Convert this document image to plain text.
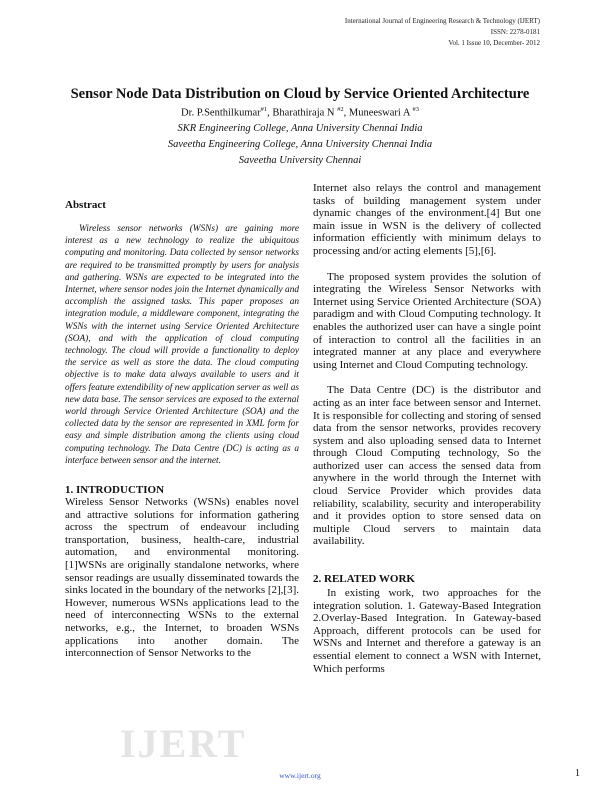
International Journal of Engineering Research & Technology (IJERT)
ISSN: 2278-0181
Vol. 1 Issue 10, December- 2012
Sensor Node Data Distribution on Cloud by Service Oriented Architecture
Dr. P.Senthilkumar$^{\#1}$, Bharathiraja N $^{\#2}$, Muneeswari A $^{\#3}$
SKR Engineering College, Anna University Chennai India
Saveetha Engineering College, Anna University Chennai India
Saveetha University Chennai
Abstract

Wireless sensor networks (WSNs) are gaining more interest as a new technology to realize the ubiquitous computing and monitoring. Data collected by sensor networks are required to be transmitted promptly by users for analysis and gathering. WSNs are expected to be integrated into the Internet, where sensor nodes join the Internet dynamically and accomplish the assigned tasks. This paper proposes an integration module, a middleware component, integrating the WSNs with the internet using Service Oriented Architecture (SOA), and with the application of cloud computing technology. The cloud will provide a functionality to deploy the service as well as store the data. The cloud computing objective is to make data always available to users and it offers feature extendibility of new application server as well as new data base. The sensor services are exposed to the external world through Service Oriented Architecture (SOA) and the collected data by the sensor are represented in XML form for easy and simple distribution among the clients using cloud computing technology. The Data Centre (DC) is acting as a interface between sensor and the internet.

1. INTRODUCTION

Wireless Sensor Networks (WSNs) enables novel and attractive solutions for information gathering across the spectrum of endeavour including transportation, business, health-care, industrial automation, and environmental monitoring. [1]WSNs are originally standalone networks, where sensor readings are usually disseminated towards the sinks located in the boundary of the networks [2],[3]. However, numerous WSNs applications lead to the need of interconnecting WSNs to the external networks, e.g., the Internet, to broaden WSNs applications into another domain. The interconnection of Sensor Networks to the

Internet also relays the control and management tasks of building management system under dynamic changes of the environment.[4] But one main issue in WSN is the delivery of collected information efficiently with minimum delays to processing and/or acting elements [5],[6].

The proposed system provides the solution of integrating the Wireless Sensor Networks with Internet using Service Oriented Architecture (SOA) paradigm and with Cloud Computing technology. It enables the authorized user can have a single point of interaction to control all the facilities in an integrated manner at any place and everywhere using Internet and Cloud Computing technology.

The Data Centre (DC) is the distributor and acting as an inter face between sensor and Internet. It is responsible for collecting and storing of sensed data from the sensor networks, provides recovery system and also uploading sensed data to Internet through Cloud Computing technology, So the authorized user can access the sensed data from anywhere in the world through the Internet with cloud Service Provider which provides data reliability, scalability, security and interoperability and it provides option to store sensed data on multiple Cloud servers to maintain data availability.

2. RELATED WORK

In existing work, two approaches for the integration solution. 1. Gateway-Based Integration 2.Overlay-Based Integration. In Gateway-based Approach, different protocols can be used for WSNs and Internet and therefore a gateway is an essential element to connect a WSN with Internet, Which performs

IJERT
www.ijert.org	1
